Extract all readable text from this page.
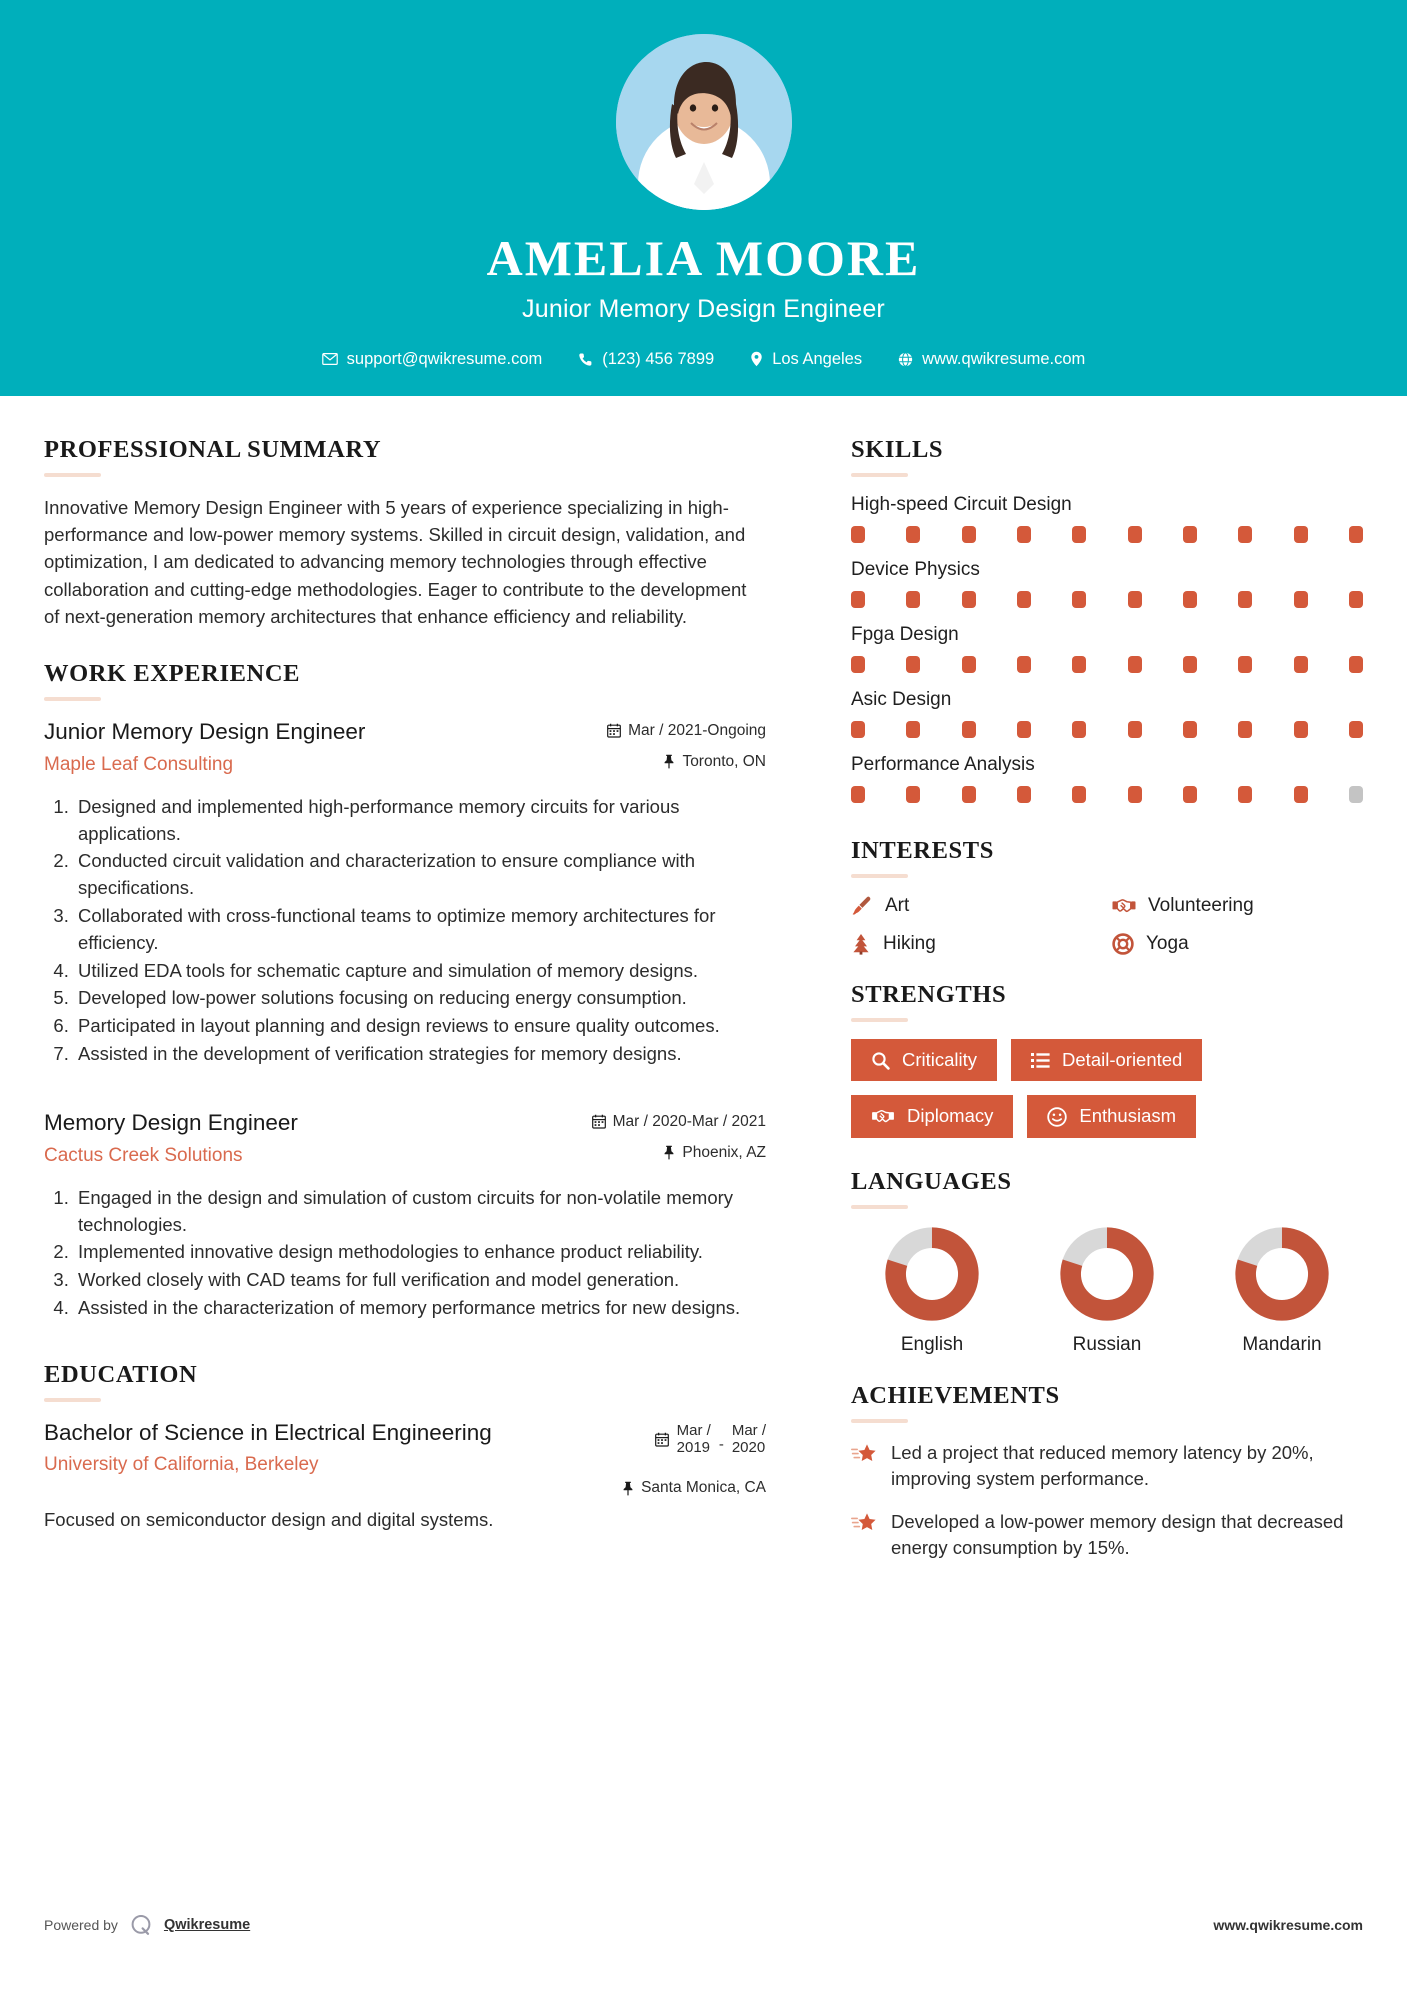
AMELIA MOORE
Junior Memory Design Engineer
support@qwikresume.com	(123) 456 7899	Los Angeles	www.qwikresume.com
PROFESSIONAL SUMMARY
Innovative Memory Design Engineer with 5 years of experience specializing in high-performance and low-power memory systems. Skilled in circuit design, validation, and optimization, I am dedicated to advancing memory technologies through effective collaboration and cutting-edge methodologies. Eager to contribute to the development of next-generation memory architectures that enhance efficiency and reliability.
WORK EXPERIENCE
Junior Memory Design Engineer
Maple Leaf Consulting
Mar / 2021-Ongoing
Toronto, ON
1. Designed and implemented high-performance memory circuits for various applications.
2. Conducted circuit validation and characterization to ensure compliance with specifications.
3. Collaborated with cross-functional teams to optimize memory architectures for efficiency.
4. Utilized EDA tools for schematic capture and simulation of memory designs.
5. Developed low-power solutions focusing on reducing energy consumption.
6. Participated in layout planning and design reviews to ensure quality outcomes.
7. Assisted in the development of verification strategies for memory designs.
Memory Design Engineer
Cactus Creek Solutions
Mar / 2020-Mar / 2021
Phoenix, AZ
1. Engaged in the design and simulation of custom circuits for non-volatile memory technologies.
2. Implemented innovative design methodologies to enhance product reliability.
3. Worked closely with CAD teams for full verification and model generation.
4. Assisted in the characterization of memory performance metrics for new designs.
EDUCATION
Bachelor of Science in Electrical Engineering
University of California, Berkeley
Mar /
2019 -
Mar /
2020
Santa Monica, CA
Focused on semiconductor design and digital systems.
SKILLS
High-speed Circuit Design
Device Physics
Fpga Design
Asic Design
Performance Analysis
INTERESTS
Art	Volunteering
Hiking	Yoga
STRENGTHS
Criticality	Detail-oriented
Diplomacy	Enthusiasm
LANGUAGES
English	Russian	Mandarin
ACHIEVEMENTS
Led a project that reduced memory latency by 20%, improving system performance.
Developed a low-power memory design that decreased energy consumption by 15%.
Powered by	Qwikresume	www.qwikresume.com
